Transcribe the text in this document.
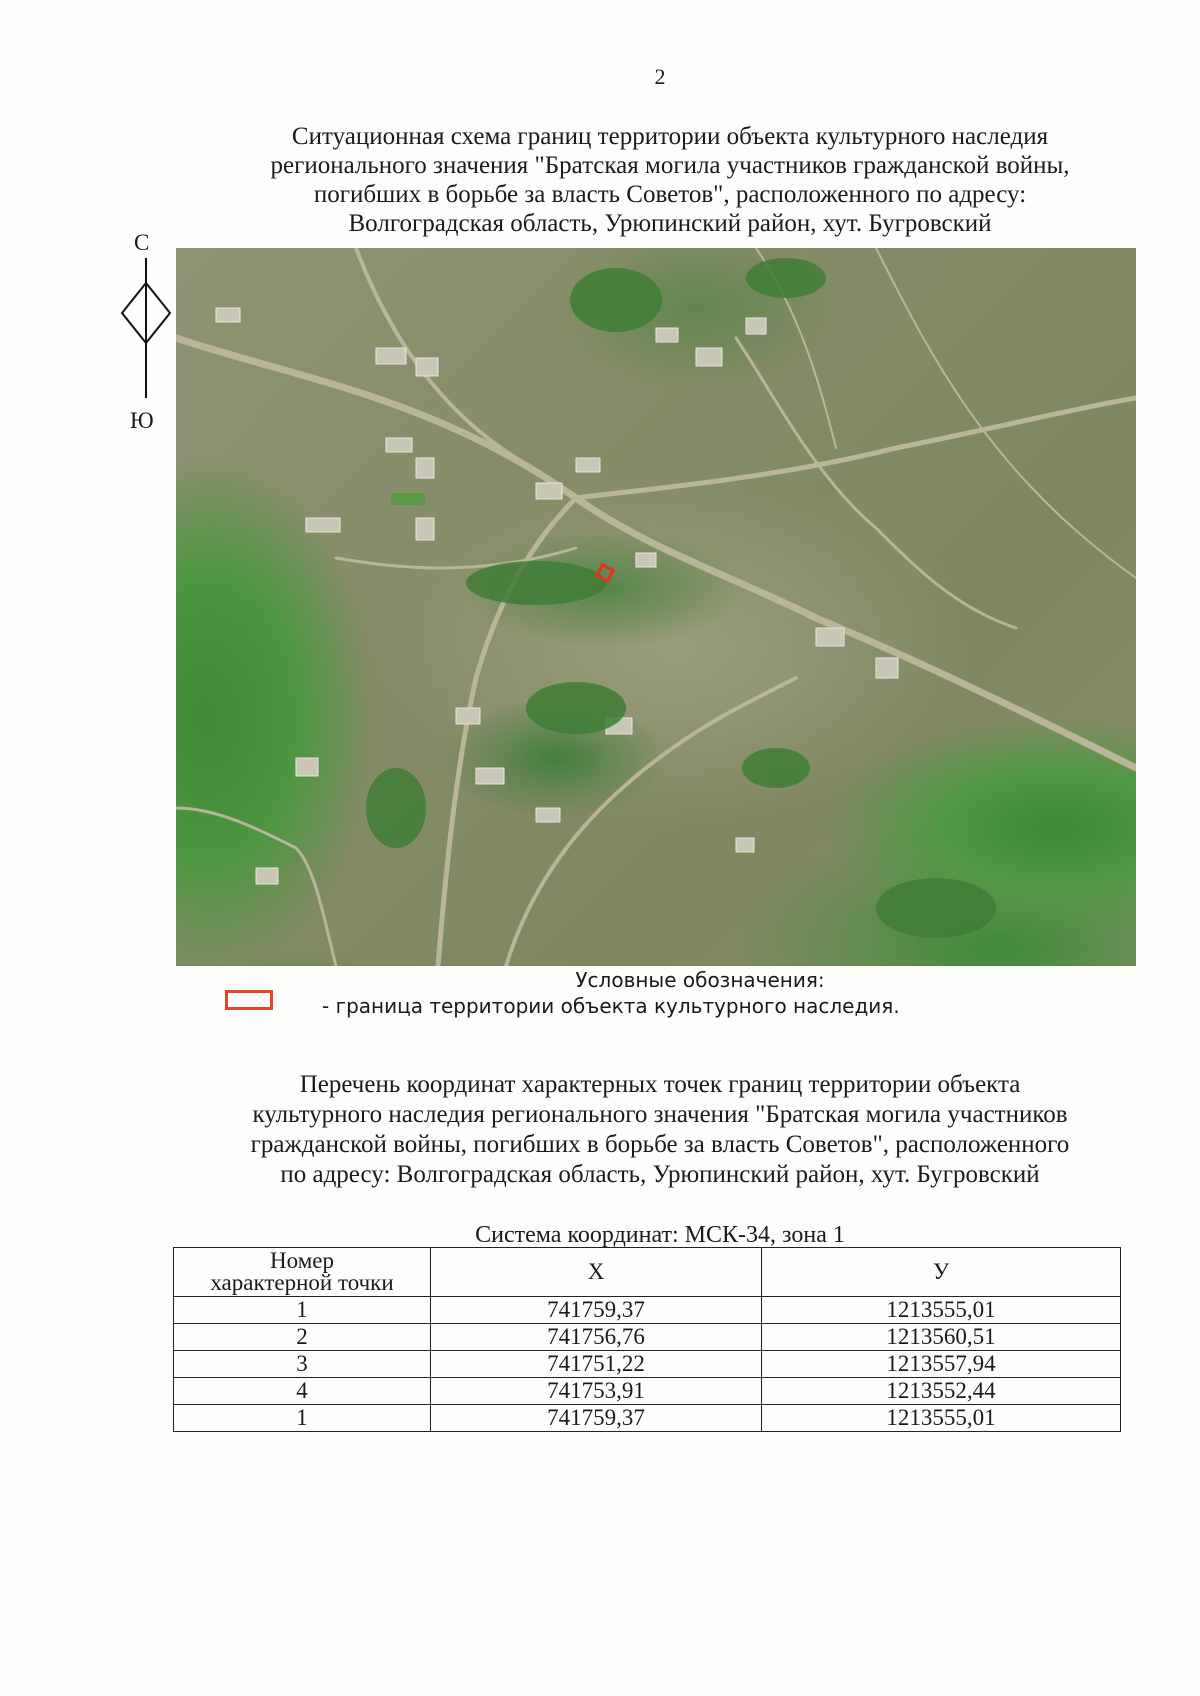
2
Ситуационная схема границ территории объекта культурного наследия
регионального значения "Братская могила участников гражданской войны,
погибших в борьбе за власть Советов", расположенного по адресу:
Волгоградская область, Урюпинский район, хут. Бугровский
С
Ю
Условные обозначения:
- граница территории объекта культурного наследия.
Перечень координат характерных точек границ территории объекта
культурного наследия регионального значения "Братская могила участников
гражданской войны, погибших в борьбе за власть Советов", расположенного
по адресу: Волгоградская область, Урюпинский район, хут. Бугровский
Система координат: МСК-34, зона 1
Номер
характерной точки	X	У
1	741759,37	1213555,01
2	741756,76	1213560,51
3	741751,22	1213557,94
4	741753,91	1213552,44
1	741759,37	1213555,01
